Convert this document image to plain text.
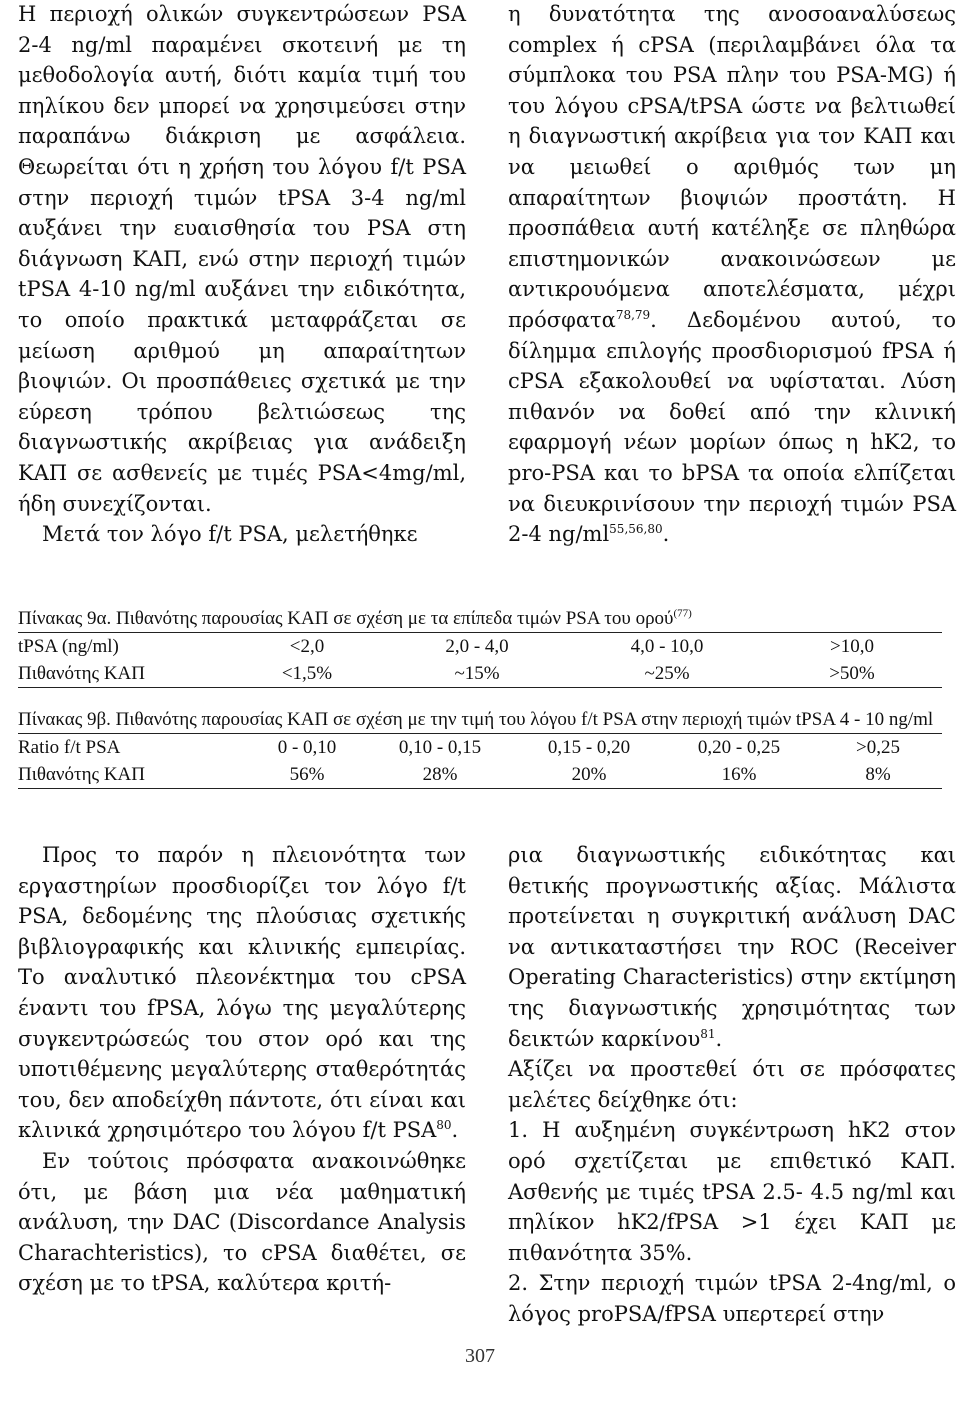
Η περιοχή ολικών συγκεντρώσεων PSA 2-4 ng/ml παραμένει σκοτεινή με τη μεθοδολογία αυτή, διότι καμία τιμή του πηλίκου δεν μπορεί να χρησιμεύσει στην παραπάνω διάκριση με ασφάλεια. Θεωρείται ότι η χρήση του λόγου f/t PSA στην περιοχή τιμών tPSA 3-4 ng/ml αυξάνει την ευαισθησία του PSA στη διάγνωση ΚΑΠ, ενώ στην περιοχή τιμών tPSA 4-10 ng/ml αυξάνει την ειδικότητα, το οποίο πρακτικά μεταφράζεται σε μείωση αριθμού μη απαραίτητων βιοψιών. Οι προσπάθειες σχετικά με την εύρεση τρόπου βελτιώσεως της διαγνωστικής ακρίβειας για ανάδειξη ΚΑΠ σε ασθενείς με τιμές PSA<4mg/ml, ήδη συνεχίζονται.

Μετά τον λόγο f/t PSA, μελετήθηκε

η δυνατότητα της ανοσοαναλύσεως complex ή cPSA (περιλαμβάνει όλα τα σύμπλοκα του PSA πλην του PSA-MG) ή του λόγου cPSA/tPSA ώστε να βελτιωθεί η διαγνωστική ακρίβεια για τον ΚΑΠ και να μειωθεί ο αριθμός των μη απαραίτητων βιοψιών προστάτη. Η προσπάθεια αυτή κατέληξε σε πληθώρα επιστημονικών ανακοινώσεων με αντικρουόμενα αποτελέσματα, μέχρι πρόσφατα$^{78,79}$. Δεδομένου αυτού, το δίλημμα επιλογής προσδιορισμού fPSA ή cPSA εξακολουθεί να υφίσταται. Λύση πιθανόν να δοθεί από την κλινική εφαρμογή νέων μορίων όπως η hK2, το pro-PSA και το bPSA τα οποία ελπίζεται να διευκρινίσουν την περιοχή τιμών PSA 2-4 ng/ml$^{55,56,80}$.

Πίνακας 9α. Πιθανότης παρουσίας ΚΑΠ σε σχέση με τα επίπεδα τιμών PSA του ορού$^{(77)}$
tPSA (ng/ml)	<2,0	2,0 - 4,0	4,0 - 10,0	>10,0
Πιθανότης ΚΑΠ	<1,5%	~15%	~25%	>50%
Πίνακας 9β. Πιθανότης παρουσίας ΚΑΠ σε σχέση με την τιμή του λόγου f/t PSA στην περιοχή τιμών tPSA 4 - 10 ng/ml
Ratio f/t PSA	0 - 0,10	0,10 - 0,15	0,15 - 0,20	0,20 - 0,25	>0,25
Πιθανότης ΚΑΠ	56%	28%	20%	16%	8%

Προς το παρόν η πλειονότητα των εργαστηρίων προσδιορίζει τον λόγο f/t PSA, δεδομένης της πλούσιας σχετικής βιβλιογραφικής και κλινικής εμπειρίας. Το αναλυτικό πλεονέκτημα του cPSA έναντι του fPSA, λόγω της μεγαλύτερης συγκεντρώσεώς του στον ορό και της υποτιθέμενης μεγαλύτερης σταθερότητάς του, δεν αποδείχθη πάντοτε, ότι είναι και κλινικά χρησιμότερο του λόγου f/t PSA$^{80}$.

Εν τούτοις πρόσφατα ανακοινώθηκε ότι, με βάση μια νέα μαθηματική ανάλυση, την DAC (Discordance Analysis Charachteristics), το cPSA διαθέτει, σε σχέση με το tPSA, καλύτερα κριτή-

ρια διαγνωστικής ειδικότητας και θετικής προγνωστικής αξίας. Μάλιστα προτείνεται η συγκριτική ανάλυση DAC να αντικαταστήσει την ROC (Receiver Operating Characteristics) στην εκτίμηση της διαγνωστικής χρησιμότητας των δεικτών καρκίνου$^{81}$.

Αξίζει να προστεθεί ότι σε πρόσφατες μελέτες δείχθηκε ότι:

1. Η αυξημένη συγκέντρωση hK2 στον ορό σχετίζεται με επιθετικό ΚΑΠ. Ασθενής με τιμές tPSA 2.5- 4.5 ng/ml και πηλίκον hK2/fPSA >1 έχει ΚΑΠ με πιθανότητα 35%.

2. Στην περιοχή τιμών tPSA 2-4ng/ml, ο λόγος proPSA/fPSA υπερτερεί στην

307
